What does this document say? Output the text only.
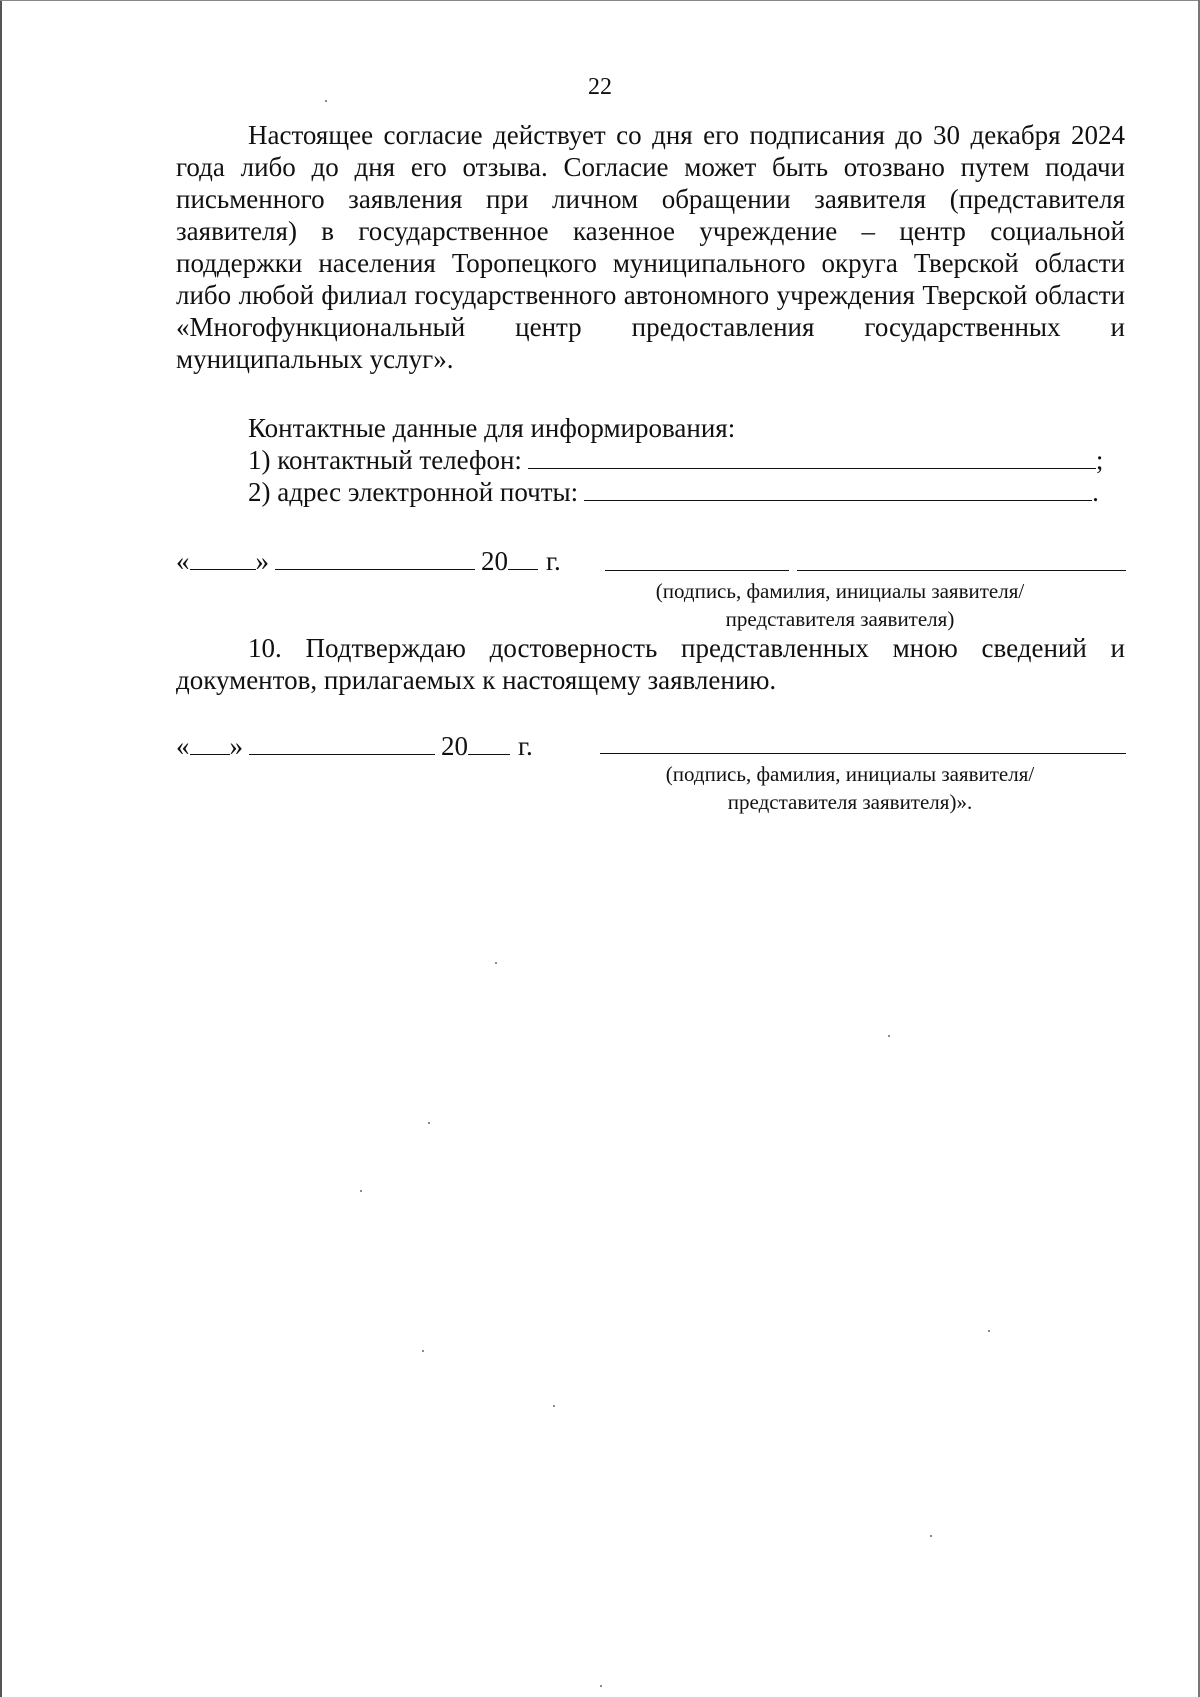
22

Настоящее согласие действует со дня его подписания до 30 декабря 2024 года либо до дня его отзыва. Согласие может быть отозвано путем подачи письменного заявления при личном обращении заявителя (представителя заявителя) в государственное казенное учреждение – центр социальной поддержки населения Торопецкого муниципального округа Тверской области либо любой филиал государственного автономного учреждения Тверской области «Многофункциональный центр предоставления государственных и муниципальных услуг».

Контактные данные для информирования:
1) контактный телефон:	;
2) адрес электронной почты:	.
« »	20 г.
(подпись, фамилия, инициалы заявителя/
представителя заявителя)

10. Подтверждаю достоверность представленных мною сведений и документов, прилагаемых к настоящему заявлению.

« »	20 г.
(подпись, фамилия, инициалы заявителя/
представителя заявителя)».
